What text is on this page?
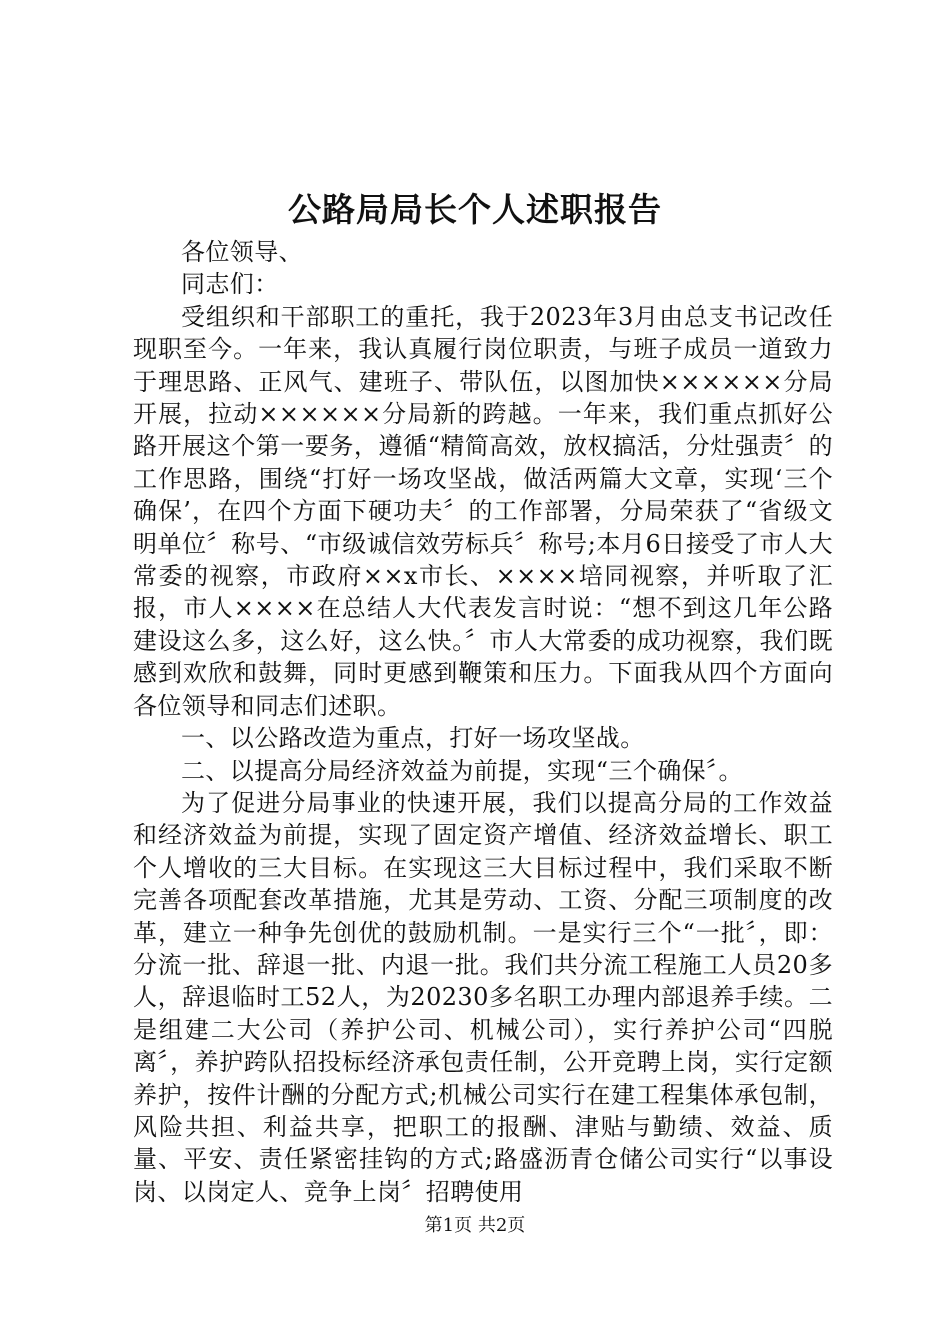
公路局局长个人述职报告

各位领导、

同志们：

受组织和干部职工的重托，我于2023年3月由总支书记改任现职至今。一年来，我认真履行岗位职责，与班子成员一道致力于理思路、正风气、建班子、带队伍，以图加快××××××分局开展，拉动××××××分局新的跨越。一年来，我们重点抓好公路开展这个第一要务，遵循“精简高效，放权搞活，分灶强责〞的工作思路，围绕“打好一场攻坚战，做活两篇大文章，实现‘三个确保’，在四个方面下硬功夫〞的工作部署，分局荣获了“省级文明单位〞称号、“市级诚信效劳标兵〞称号;本月6日接受了市人大常委的视察，市政府××x市长、××××培同视察，并听取了汇报，市人××××在总结人大代表发言时说：“想不到这几年公路建设这么多，这么好，这么快。〞市人大常委的成功视察，我们既感到欢欣和鼓舞，同时更感到鞭策和压力。下面我从四个方面向各位领导和同志们述职。

一、以公路改造为重点，打好一场攻坚战。

二、以提高分局经济效益为前提，实现“三个确保〞。

为了促进分局事业的快速开展，我们以提高分局的工作效益和经济效益为前提，实现了固定资产增值、经济效益增长、职工个人增收的三大目标。在实现这三大目标过程中，我们采取不断完善各项配套改革措施，尤其是劳动、工资、分配三项制度的改革，建立一种争先创优的鼓励机制。一是实行三个“一批〞，即：分流一批、辞退一批、内退一批。我们共分流工程施工人员20多人，辞退临时工52人，为20230多名职工办理内部退养手续。二是组建二大公司（养护公司、机械公司），实行养护公司“四脱离〞，养护跨队招投标经济承包责任制，公开竞聘上岗，实行定额养护，按件计酬的分配方式;机械公司实行在建工程集体承包制，风险共担、利益共享，把职工的报酬、津贴与勤绩、效益、质量、平安、责任紧密挂钩的方式;路盛沥青仓储公司实行“以事设岗、以岗定人、竞争上岗〞招聘使用

第1页 共2页
